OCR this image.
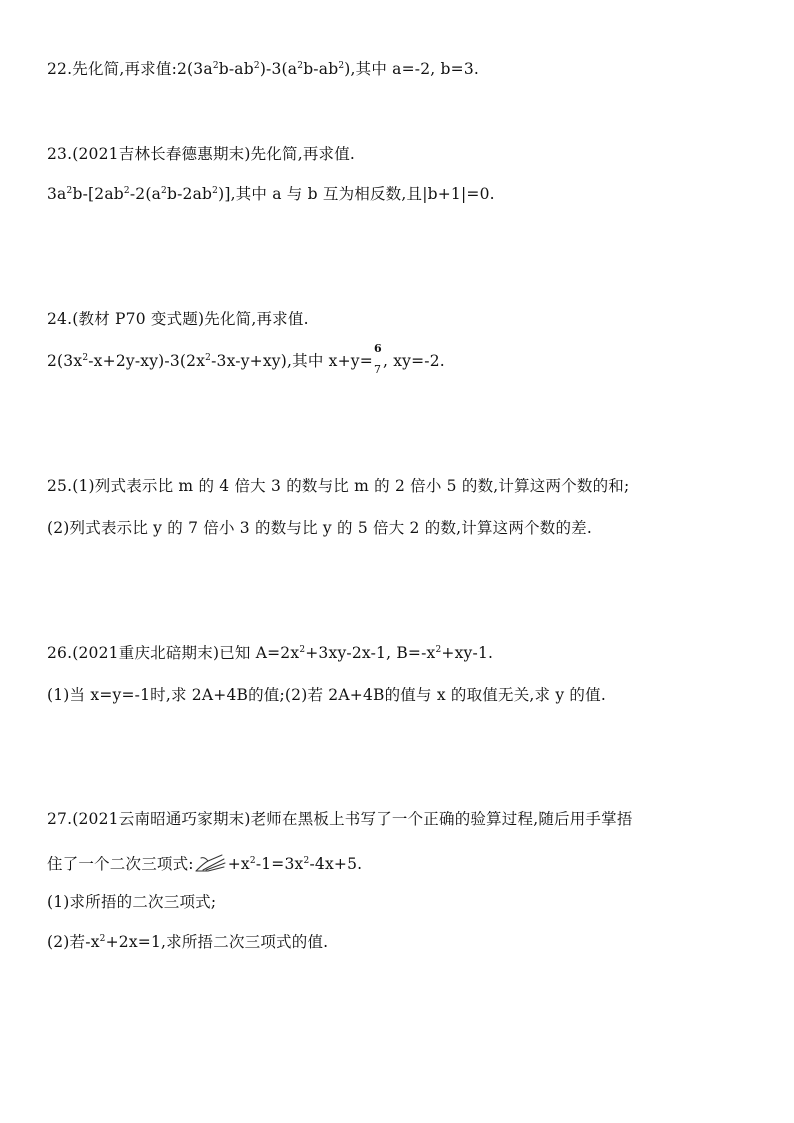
22.先化简,再求值$:2(3a^2b-ab^2)-3(a^2b-ab^2)$,其中 a=-2, b=3.
23.(2021吉林长春德惠期末)先化简,再求值.
$3a^2b-[2ab^2-2(a^2b-2ab^2)]$,其中 a 与 b 互为相反数,且|b+1|=0.
24.(教材 P70 变式题)先化简,再求值.
$2(3x^2-x+2y-xy)-3(2x^2-3x-y+xy)$,其中 x+y=
6
7 , xy=-2.
25.(1)列式表示比 m 的 4 倍大 3 的数与比 m 的 2 倍小 5 的数,计算这两个数的和;
(2)列式表示比 y 的 7 倍小 3 的数与比 y 的 5 倍大 2 的数,计算这两个数的差.
26.(2021重庆北碚期末)已知 $A=2x^2+3xy-2x-1$, $B=-x^2+xy-1$.
(1)当 x=y=-1时,求 2A+4B的值;(2)若 2A+4B的值与 x 的取值无关,求 y 的值.
27.(2021云南昭通巧家期末)老师在黑板上书写了一个正确的验算过程,随后用手掌捂
住了一个二次三项式: $+x^2-1=3x^2-4x+5$.
(1)求所捂的二次三项式;
(2)若$-x^2+2x=1$,求所捂二次三项式的值.
